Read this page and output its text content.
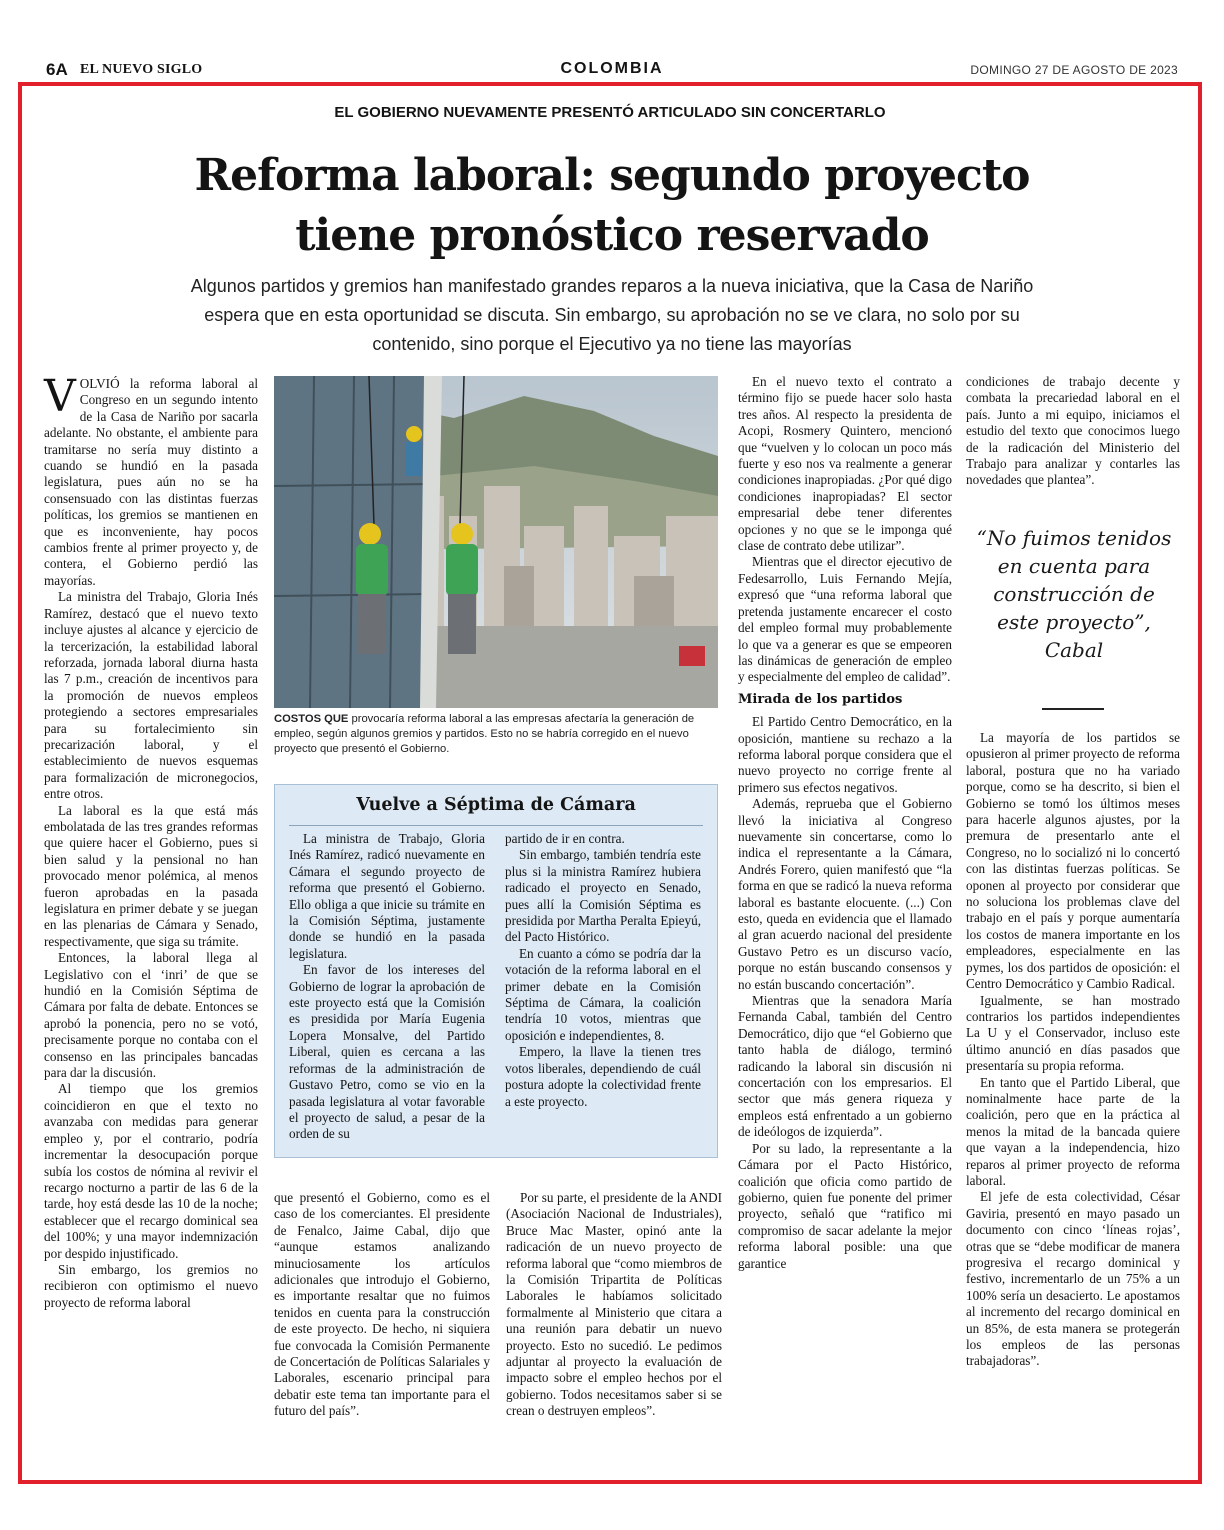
6A EL NUEVO SIGLO	COLOMBIA	DOMINGO 27 DE AGOSTO DE 2023
EL GOBIERNO NUEVAMENTE PRESENTÓ ARTICULADO SIN CONCERTARLO
Reforma laboral: segundo proyecto
tiene pronóstico reservado
Algunos partidos y gremios han manifestado grandes reparos a la nueva iniciativa, que la Casa de Nariño espera que en esta oportunidad se discuta. Sin embargo, su aprobación no se ve clara, no solo por su contenido, sino porque el Ejecutivo ya no tiene las mayorías

VOLVIÓ la reforma laboral al Congreso en un segundo intento de la Casa de Nariño por sacarla adelante. No obstante, el ambiente para tramitarse no sería muy distinto a cuando se hundió en la pasada legislatura, pues aún no se ha consensuado con las distintas fuerzas políticas, los gremios se mantienen en que es inconveniente, hay pocos cambios frente al primer proyecto y, de contera, el Gobierno perdió las mayorías.

La ministra del Trabajo, Gloria Inés Ramírez, destacó que el nuevo texto incluye ajustes al alcance y ejercicio de la tercerización, la estabilidad laboral reforzada, jornada laboral diurna hasta las 7 p.m., creación de incentivos para la promoción de nuevos empleos protegiendo a sectores empresariales para su fortalecimiento sin precarización laboral, y el establecimiento de nuevos esquemas para formalización de micronegocios, entre otros.

La laboral es la que está más embolatada de las tres grandes reformas que quiere hacer el Gobierno, pues si bien salud y la pensional no han provocado menor polémica, al menos fueron aprobadas en la pasada legislatura en primer debate y se juegan en las plenarias de Cámara y Senado, respectivamente, que siga su trámite.

Entonces, la laboral llega al Legislativo con el ‘inri’ de que se hundió en la Comisión Séptima de Cámara por falta de debate. Entonces se aprobó la ponencia, pero no se votó, precisamente porque no contaba con el consenso en las principales bancadas para dar la discusión.

Al tiempo que los gremios coincidieron en que el texto no avanzaba con medidas para generar empleo y, por el contrario, podría incrementar la desocupación porque subía los costos de nómina al revivir el recargo nocturno a partir de las 6 de la tarde, hoy está desde las 10 de la noche; establecer que el recargo dominical sea del 100%; y una mayor indemnización por despido injustificado.

Sin embargo, los gremios no recibieron con optimismo el nuevo proyecto de reforma laboral

COSTOS QUE provocaría reforma laboral a las empresas afectaría la generación de empleo, según algunos gremios y partidos. Esto no se habría corregido en el nuevo proyecto que presentó el Gobierno.
Vuelve a Séptima de Cámara

La ministra de Trabajo, Gloria Inés Ramírez, radicó nuevamente en Cámara el segundo proyecto de reforma que presentó el Gobierno. Ello obliga a que inicie su trámite en la Comisión Séptima, justamente donde se hundió en la pasada legislatura.

En favor de los intereses del Gobierno de lograr la aprobación de este proyecto está que la Comisión es presidida por María Eugenia Lopera Monsalve, del Partido Liberal, quien es cercana a las reformas de la administración de Gustavo Petro, como se vio en la pasada legislatura al votar favorable el proyecto de salud, a pesar de la orden de su

partido de ir en contra.

Sin embargo, también tendría este plus si la ministra Ramírez hubiera radicado el proyecto en Senado, pues allí la Comisión Séptima es presidida por Martha Peralta Epieyú, del Pacto Histórico.

En cuanto a cómo se podría dar la votación de la reforma laboral en el primer debate en la Comisión Séptima de Cámara, la coalición tendría 10 votos, mientras que oposición e independientes, 8.

Empero, la llave la tienen tres votos liberales, dependiendo de cuál postura adopte la colectividad frente a este proyecto.

que presentó el Gobierno, como es el caso de los comerciantes. El presidente de Fenalco, Jaime Cabal, dijo que “aunque estamos analizando minuciosamente los artículos adicionales que introdujo el Gobierno, es importante resaltar que no fuimos tenidos en cuenta para la construcción de este proyecto. De hecho, ni siquiera fue convocada la Comisión Permanente de Concertación de Políticas Salariales y Laborales, escenario principal para debatir este tema tan importante para el futuro del país”.

Por su parte, el presidente de la ANDI (Asociación Nacional de Industriales), Bruce Mac Master, opinó ante la radicación de un nuevo proyecto de reforma laboral que “como miembros de la Comisión Tripartita de Políticas Laborales le habíamos solicitado formalmente al Ministerio que citara a una reunión para debatir un nuevo proyecto. Esto no sucedió. Le pedimos adjuntar al proyecto la evaluación de impacto sobre el empleo hechos por el gobierno. Todos necesitamos saber si se crean o destruyen empleos”.

En el nuevo texto el contrato a término fijo se puede hacer solo hasta tres años. Al respecto la presidenta de Acopi, Rosmery Quintero, mencionó que “vuelven y lo colocan un poco más fuerte y eso nos va realmente a generar condiciones inapropiadas. ¿Por qué digo condiciones inapropiadas? El sector empresarial debe tener diferentes opciones y no que se le imponga qué clase de contrato debe utilizar”.

Mientras que el director ejecutivo de Fedesarrollo, Luis Fernando Mejía, expresó que “una reforma laboral que pretenda justamente encarecer el costo del empleo formal muy probablemente lo que va a generar es que se empeoren las dinámicas de generación de empleo y especialmente del empleo de calidad”.

Mirada de los partidos

El Partido Centro Democrático, en la oposición, mantiene su rechazo a la reforma laboral porque considera que el nuevo proyecto no corrige frente al primero sus efectos negativos.

Además, reprueba que el Gobierno llevó la iniciativa al Congreso nuevamente sin concertarse, como lo indica el representante a la Cámara, Andrés Forero, quien manifestó que “la forma en que se radicó la nueva reforma laboral es bastante elocuente. (...) Con esto, queda en evidencia que el llamado al gran acuerdo nacional del presidente Gustavo Petro es un discurso vacío, porque no están buscando consensos y no están buscando concertación”.

Mientras que la senadora María Fernanda Cabal, también del Centro Democrático, dijo que “el Gobierno que tanto habla de diálogo, terminó radicando la laboral sin discusión ni concertación con los empresarios. El sector que más genera riqueza y empleos está enfrentado a un gobierno de ideólogos de izquierda”.

Por su lado, la representante a la Cámara por el Pacto Histórico, coalición que oficia como partido de gobierno, quien fue ponente del primer proyecto, señaló que “ratifico mi compromiso de sacar adelante la mejor reforma laboral posible: una que garantice

condiciones de trabajo decente y combata la precariedad laboral en el país. Junto a mi equipo, iniciamos el estudio del texto que conocimos luego de la radicación del Ministerio del Trabajo para analizar y contarles las novedades que plantea”.

“No fuimos tenidos en cuenta para construcción de este proyecto”, Cabal

La mayoría de los partidos se opusieron al primer proyecto de reforma laboral, postura que no ha variado porque, como se ha descrito, si bien el Gobierno se tomó los últimos meses para hacerle algunos ajustes, por la premura de presentarlo ante el Congreso, no lo socializó ni lo concertó con las distintas fuerzas políticas. Se oponen al proyecto por considerar que no soluciona los problemas clave del trabajo en el país y porque aumentaría los costos de manera importante en los empleadores, especialmente en las pymes, los dos partidos de oposición: el Centro Democrático y Cambio Radical.

Igualmente, se han mostrado contrarios los partidos independientes La U y el Conservador, incluso este último anunció en días pasados que presentaría su propia reforma.

En tanto que el Partido Liberal, que nominalmente hace parte de la coalición, pero que en la práctica al menos la mitad de la bancada quiere que vayan a la independencia, hizo reparos al primer proyecto de reforma laboral.

El jefe de esta colectividad, César Gaviria, presentó en mayo pasado un documento con cinco ‘líneas rojas’, otras que se “debe modificar de manera progresiva el recargo dominical y festivo, incrementarlo de un 75% a un 100% sería un desacierto. Le apostamos al incremento del recargo dominical en un 85%, de esta manera se protegerán los empleos de las personas trabajadoras”.
